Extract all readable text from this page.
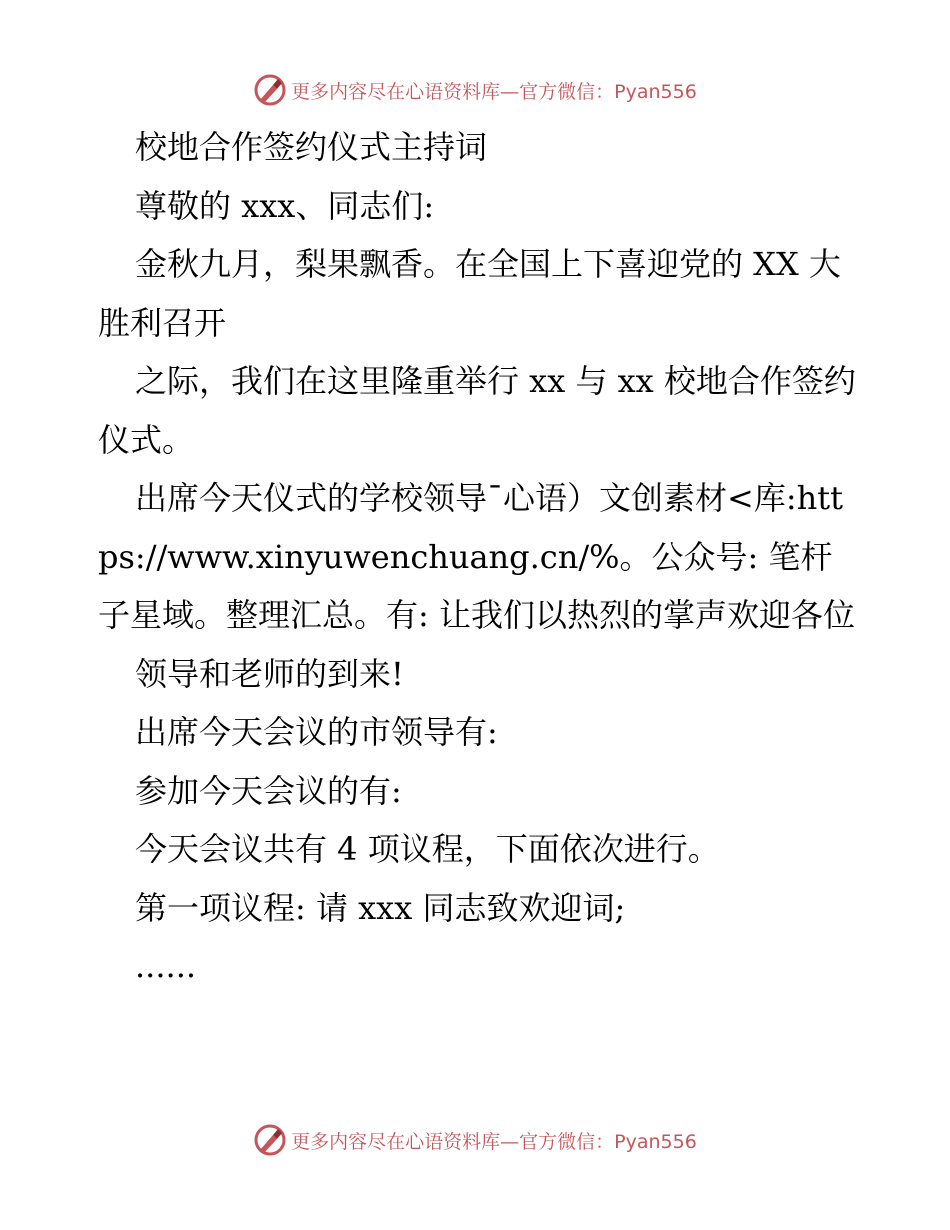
更多内容尽在心语资料库—官方微信：Pyan556

校地合作签约仪式主持词

尊敬的 xxx、同志们:

金秋九月，梨果飘香。在全国上下喜迎党的 XX 大胜利召开

之际，我们在这里隆重举行 xx 与 xx 校地合作签约仪式。

出席今天仪式的学校领导¯心语）文创素材<库:https://www.xinyuwenchuang.cn/%。公众号: 笔杆子星域。整理汇总。有: 让我们以热烈的掌声欢迎各位

领导和老师的到来!

出席今天会议的市领导有:

参加今天会议的有:

今天会议共有 4 项议程，下面依次进行。

第一项议程: 请 xxx 同志致欢迎词;

......

更多内容尽在心语资料库—官方微信：Pyan556
